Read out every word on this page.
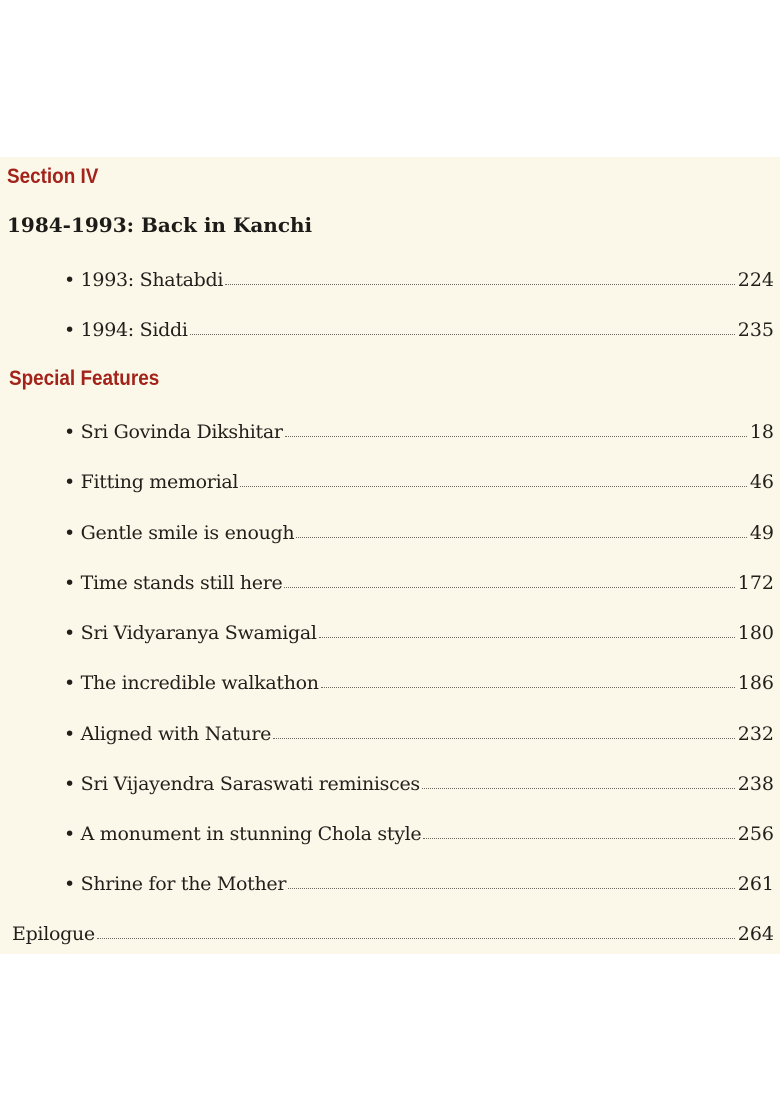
Section IV
1984-1993: Back in Kanchi
• 1993: Shatabdi	224
• 1994: Siddi	235
Special Features
• Sri Govinda Dikshitar	18
• Fitting memorial	46
• Gentle smile is enough	49
• Time stands still here	172
• Sri Vidyaranya Swamigal	180
• The incredible walkathon	186
• Aligned with Nature	232
• Sri Vijayendra Saraswati reminisces	238
• A monument in stunning Chola style	256
• Shrine for the Mother	261
Epilogue	264
